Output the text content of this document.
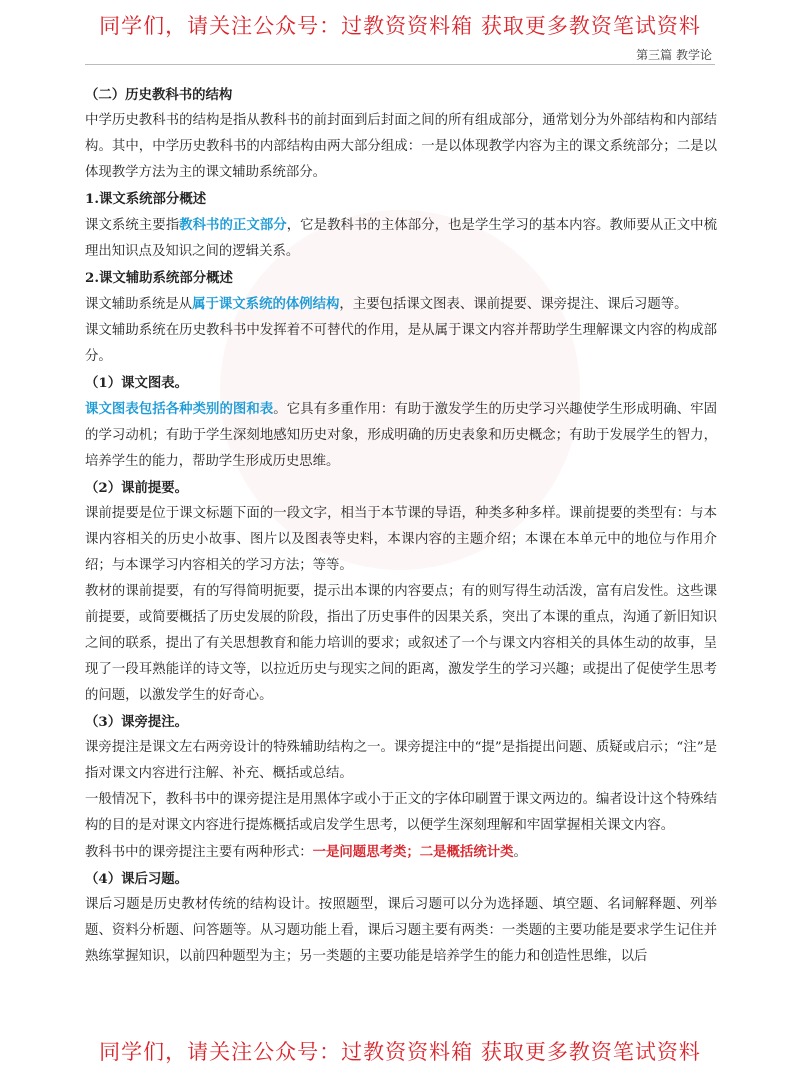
同学们，请关注公众号：过教资资料箱 获取更多教资笔试资料
第三篇 教学论

（二）历史教科书的结构

中学历史教科书的结构是指从教科书的前封面到后封面之间的所有组成部分，通常划分为外部结构和内部结构。其中，中学历史教科书的内部结构由两大部分组成：一是以体现教学内容为主的课文系统部分；二是以体现教学方法为主的课文辅助系统部分。

1.课文系统部分概述

课文系统主要指教科书的正文部分，它是教科书的主体部分，也是学生学习的基本内容。教师要从正文中梳理出知识点及知识之间的逻辑关系。

2.课文辅助系统部分概述

课文辅助系统是从属于课文系统的体例结构，主要包括课文图表、课前提要、课旁提注、课后习题等。

课文辅助系统在历史教科书中发挥着不可替代的作用，是从属于课文内容并帮助学生理解课文内容的构成部分。

（1）课文图表。

课文图表包括各种类别的图和表。它具有多重作用：有助于激发学生的历史学习兴趣使学生形成明确、牢固的学习动机；有助于学生深刻地感知历史对象，形成明确的历史表象和历史概念；有助于发展学生的智力，培养学生的能力，帮助学生形成历史思维。

（2）课前提要。

课前提要是位于课文标题下面的一段文字，相当于本节课的导语，种类多种多样。课前提要的类型有：与本课内容相关的历史小故事、图片以及图表等史料，本课内容的主题介绍；本课在本单元中的地位与作用介绍；与本课学习内容相关的学习方法；等等。

教材的课前提要，有的写得简明扼要，提示出本课的内容要点；有的则写得生动活泼，富有启发性。这些课前提要，或简要概括了历史发展的阶段，指出了历史事件的因果关系，突出了本课的重点，沟通了新旧知识之间的联系，提出了有关思想教育和能力培训的要求；或叙述了一个与课文内容相关的具体生动的故事，呈现了一段耳熟能详的诗文等，以拉近历史与现实之间的距离，激发学生的学习兴趣；或提出了促使学生思考的问题，以激发学生的好奇心。

（3）课旁提注。

课旁提注是课文左右两旁设计的特殊辅助结构之一。课旁提注中的“提”是指提出问题、质疑或启示；“注”是指对课文内容进行注解、补充、概括或总结。

一般情况下，教科书中的课旁提注是用黑体字或小于正文的字体印刷置于课文两边的。编者设计这个特殊结构的目的是对课文内容进行提炼概括或启发学生思考，以便学生深刻理解和牢固掌握相关课文内容。

教科书中的课旁提注主要有两种形式：一是问题思考类；二是概括统计类。

（4）课后习题。

课后习题是历史教材传统的结构设计。按照题型，课后习题可以分为选择题、填空题、名词解释题、列举题、资料分析题、问答题等。从习题功能上看，课后习题主要有两类：一类题的主要功能是要求学生记住并熟练掌握知识，以前四种题型为主；另一类题的主要功能是培养学生的能力和创造性思维，以后

同学们，请关注公众号：过教资资料箱 获取更多教资笔试资料
